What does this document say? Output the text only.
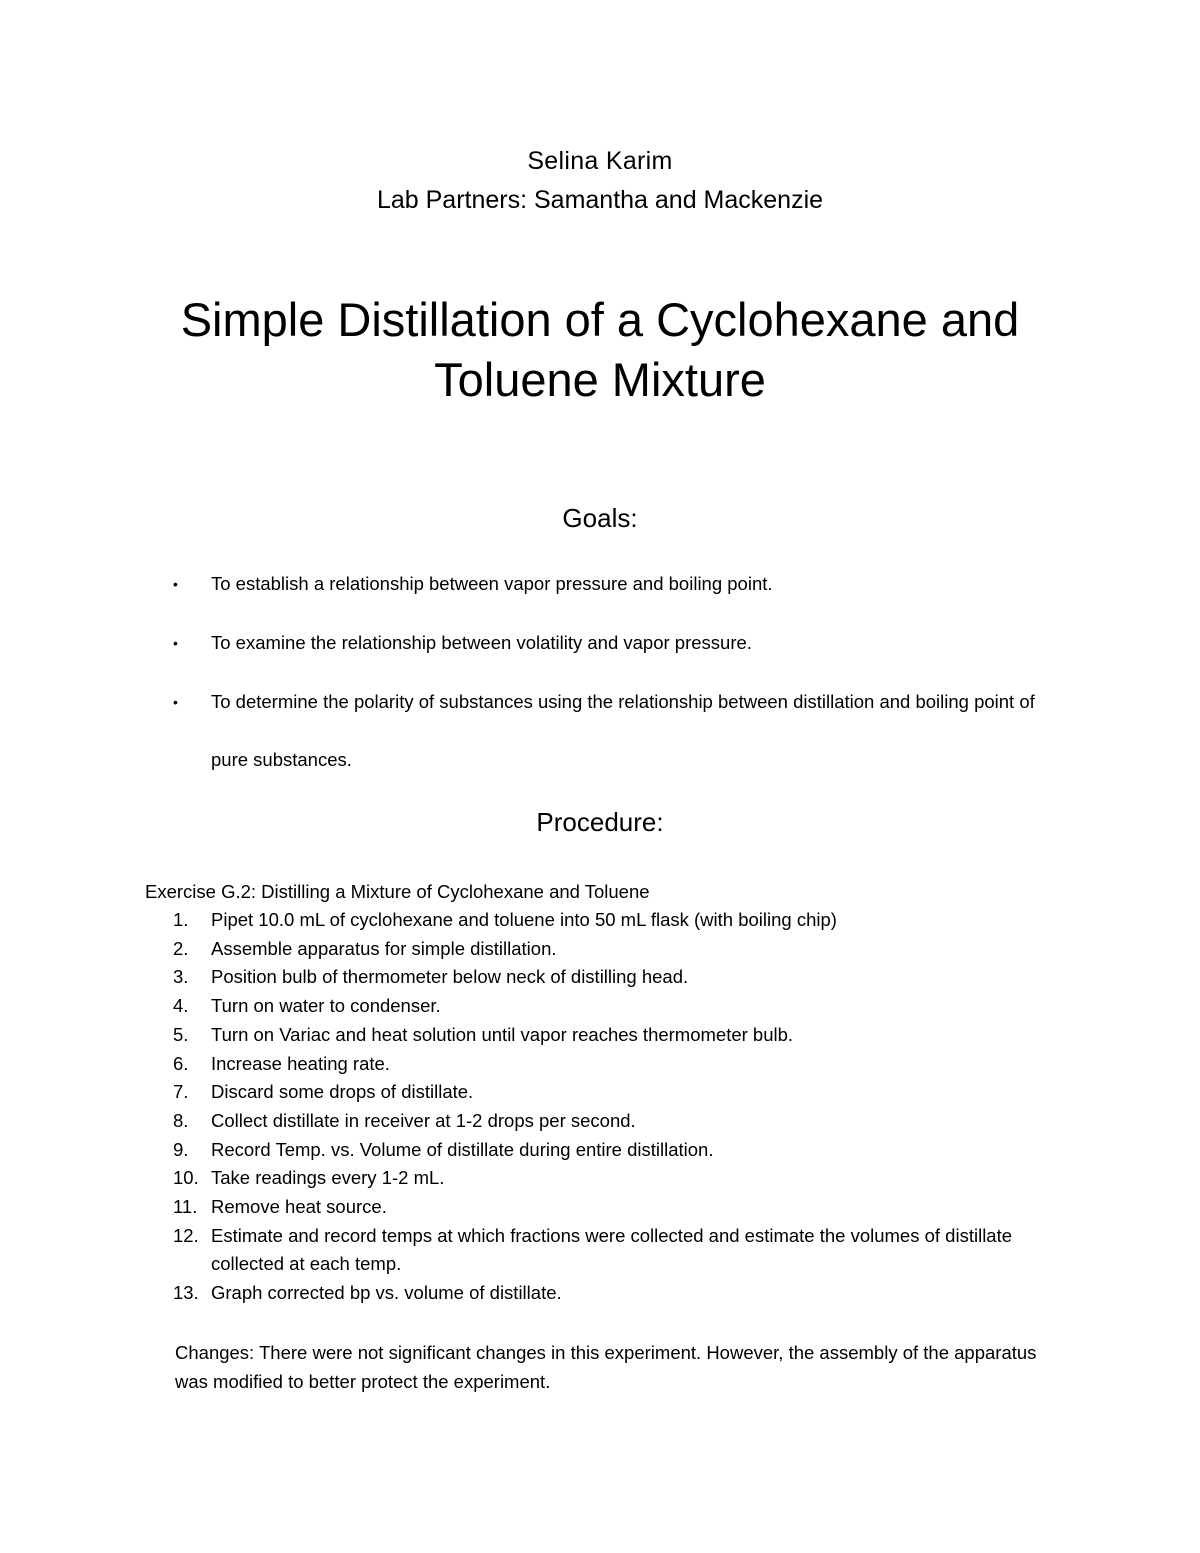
Selina Karim
Lab Partners: Samantha and Mackenzie
Simple Distillation of a Cyclohexane and
Toluene Mixture
Goals:
• To establish a relationship between vapor pressure and boiling point.
• To examine the relationship between volatility and vapor pressure.
• To determine the polarity of substances using the relationship between distillation and boiling point of pure substances.
Procedure:
Exercise G.2: Distilling a Mixture of Cyclohexane and Toluene
1. Pipet 10.0 mL of cyclohexane and toluene into 50 mL flask (with boiling chip)
2. Assemble apparatus for simple distillation.
3. Position bulb of thermometer below neck of distilling head.
4. Turn on water to condenser.
5. Turn on Variac and heat solution until vapor reaches thermometer bulb.
6. Increase heating rate.
7. Discard some drops of distillate.
8. Collect distillate in receiver at 1-2 drops per second.
9. Record Temp. vs. Volume of distillate during entire distillation.
10. Take readings every 1-2 mL.
11. Remove heat source.
12. Estimate and record temps at which fractions were collected and estimate the volumes of distillate collected at each temp.
13. Graph corrected bp vs. volume of distillate.
Changes: There were not significant changes in this experiment. However, the assembly of the apparatus was modified to better protect the experiment.
